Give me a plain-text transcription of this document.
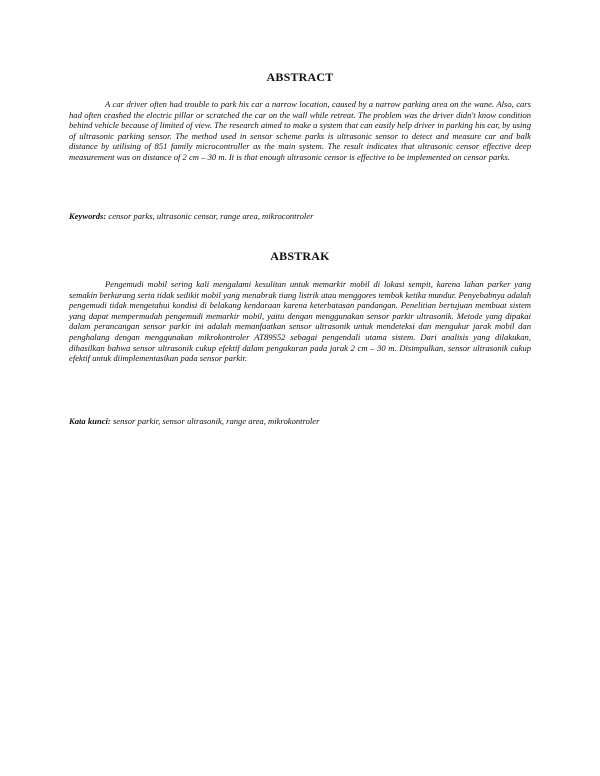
ABSTRACT

A car driver often had trouble to park his car a narrow location, caused by a narrow parking area on the wane. Also, cars had often crashed the electric pillar or scratched the car on the wall while retreat. The problem was the driver didn't know condition behind vehicle because of limited of view. The research aimed to make a system that can easily help driver in parking his car, by using of ultrasonic parking sensor. The method used in sensor scheme parks is ultrasonic sensor to detect and measure car and balk distance by utilising of 851 family microcontroller as the main system. The result indicates that ultrasonic censor effective deep measurement was on distance of 2 cm – 30 m. It is that enough ultrasonic censor is effective to be implemented on censor parks.

Keywords: censor parks, ultrasonic censor, range area, mikrocontroler

ABSTRAK

Pengemudi mobil sering kali mengalami kesulitan untuk memarkir mobil di lokasi sempit, karena lahan parker yang semakin berkurang serta tidak sedikit mobil yang menabrak tiang listrik atau menggores tembok ketika mundur. Penyebabnya adalah pengemudi tidak mengetahui kondisi di belakang kendaraan karena keterbatasan pandangan. Penelitian bertujuan membuat sistem yang dapat mempermudah pengemudi memarkir mobil, yaitu dengan menggunakan sensor parkir ultrasonik. Metode yang dipakai dalam perancangan sensor parkir ini adalah memanfaatkan sensor ultrasonik untuk mendeteksi dan mengukur jarak mobil dan penghalang dengan menggunakan mikrokontroler AT89S52 sebagai pengendali utama sistem. Dari analisis yang dilakukan, dihasilkan bahwa sensor ultrasonik cukup efektif dalam pengukuran pada jarak 2 cm – 30 m. Disimpulkan, sensor ultrasonik cukup efektif untuk diimplementasikan pada sensor parkir.

Kata kunci: sensor parkir, sensor ultrasonik, range area, mikrokontroler
